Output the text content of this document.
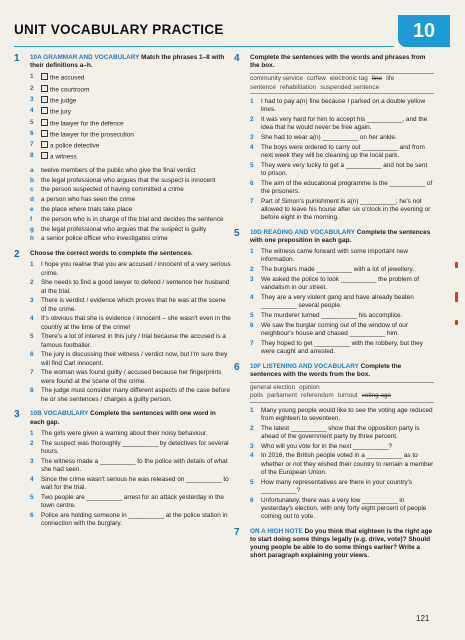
UNIT VOCABULARY PRACTICE	10
1	10A GRAMMAR AND VOCABULARY Match the phrases 1–8 with their definitions a–h.
1	the accused
2	the courtroom
3	the judge
4	the jury
5	the lawyer for the defence
6	the lawyer for the prosecution
7	a police detective
8	a witness
a	twelve members of the public who give the final verdict
b	the legal professional who argues that the suspect is innocent
c	the person suspected of having committed a crime
d	a person who has seen the crime
e	the place where trials take place
f	the person who is in charge of the trial and decides the sentence
g	the legal professional who argues that the suspect is guilty
h	a senior police officer who investigates crime
2	Choose the correct words to complete the sentences.
1	I hope you realise that you are accused / innocent of a very serious crime.
2	She needs to find a good lawyer to defend / sentence her husband at the trial.
3	There is verdict / evidence which proves that he was at the scene of the crime.
4	It's obvious that she is evidence / innocent – she wasn't even in the country at the time of the crime!
5	There's a lot of interest in this jury / trial because the accused is a famous footballer.
6	The jury is discussing their witness / verdict now, but I'm sure they will find Carl innocent.
7	The woman was found guilty / accused because her fingerprints were found at the scene of the crime.
8	The judge must consider many different aspects of the case before he or she sentences / charges a guilty person.
3	10B VOCABULARY Complete the sentences with one word in each gap.
1	The girls were given a warning about their noisy behaviour.
2	The suspect was thoroughly __________ by detectives for several hours.
3	The witness made a __________ to the police with details of what she had seen.
4	Since the crime wasn't serious he was released on __________ to wait for the trial.
5	Two people are __________ arrest for an attack yesterday in the town centre.
6	Police are holding someone in __________ at the police station in connection with the burglary.
4	Complete the sentences with the words and phrases from the box.
community service curfew electronic tag fine life sentence rehabilitation suspended sentence
1	I had to pay a(n) fine because I parked on a double yellow lines.
2	It was very hard for him to accept his __________, and the idea that he would never be free again.
3	She had to wear a(n) __________ on her ankle.
4	The boys were ordered to carry out __________ and from next week they will be cleaning up the local park.
5	They were very lucky to get a __________ and not be sent to prison.
6	The aim of the educational programme is the __________ of the prisoners.
7	Part of Simon's punishment is a(n) __________; he's not allowed to leave his house after six o'clock in the evening or before eight in the morning.
5	10D READING AND VOCABULARY Complete the sentences with one preposition in each gap.
1	The witness came forward with some important new information.
2	The burglars made __________ with a lot of jewellery.
3	We asked the police to look __________ the problem of vandalism in our street.
4	They are a very violent gang and have already beaten __________ several people.
5	The murderer turned __________ his accomplice.
6	We saw the burglar coming out of the window of our neighbour's house and chased __________ him.
7	They hoped to get __________ with the robbery, but they were caught and arrested.
6	10F LISTENING AND VOCABULARY Complete the sentences with the words from the box.
general election opinion polls parliament referendum turnout voting age
1	Many young people would like to see the voting age reduced from eighteen to seventeen.
2	The latest __________ show that the opposition party is ahead of the government party by three percent.
3	Who will you vote for in the next __________?
4	In 2016, the British people voted in a __________ as to whether or not they wished their country to remain a member of the European Union.
5	How many representatives are there in your country's __________?
6	Unfortunately, there was a very low __________ in yesterday's election, with only forty eight percent of people coming out to vote.
7	ON A HIGH NOTE Do you think that eighteen is the right age to start doing some things legally (e.g. drive, vote)? Should young people be able to do some things earlier? Write a short paragraph explaining your views.
121
